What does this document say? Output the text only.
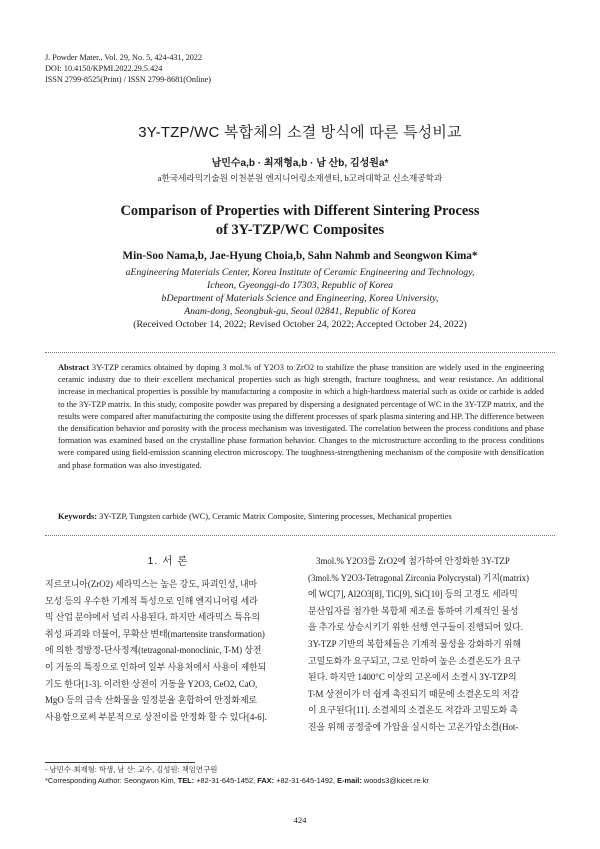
J. Powder Mater., Vol. 29, No. 5, 424-431, 2022
DOI: 10.4150/KPMI.2022.29.5.424
ISSN 2799-8525(Print) / ISSN 2799-8681(Online)
3Y-TZP/WC 복합체의 소결 방식에 따른 특성비교
남민수a,b · 최재형a,b · 남 산b, 김성원a*
a한국세라믹기술원 이천분원 엔지니어링소재센터, b고려대학교 신소재공학과
Comparison of Properties with Different Sintering Process
of 3Y-TZP/WC Composites
Min-Soo Nama,b, Jae-Hyung Choia,b, Sahn Nahmb and Seongwon Kima*
aEngineering Materials Center, Korea Institute of Ceramic Engineering and Technology,
Icheon, Gyeonggi-do 17303, Republic of Korea
bDepartment of Materials Science and Engineering, Korea University,
Anam-dong, Seongbuk-gu, Seoul 02841, Republic of Korea
(Received October 14, 2022; Revised October 24, 2022; Accepted October 24, 2022)
Abstract 3Y-TZP ceramics obtained by doping 3 mol.% of Y2O3 to ZrO2 to stabilize the phase transition are widely used in the engineering ceramic industry due to their excellent mechanical properties such as high strength, fracture toughness, and wear resistance. An additional increase in mechanical properties is possible by manufacturing a composite in which a high-hardness material such as oxide or carbide is added to the 3Y-TZP matrix. In this study, composite powder was prepared by dispersing a designated percentage of WC in the 3Y-TZP matrix, and the results were compared after manufacturing the composite using the different processes of spark plasma sintering and HP. The difference between the densification behavior and porosity with the process mechanism was investigated. The correlation between the process conditions and phase formation was examined based on the crystalline phase formation behavior. Changes to the microstructure according to the process conditions were compared using field-emission scanning electron microscopy. The toughness-strengthening mechanism of the composite with densification and phase formation was also investigated.
Keywords: 3Y-TZP, Tungsten carbide (WC), Ceramic Matrix Composite, Sintering processes, Mechanical properties
1. 서 론
지르코니아(ZrO2) 세라믹스는 높은 강도, 파괴인성, 내마
모성 등의 우수한 기계적 특성으로 인해 엔지니어링 세라
믹 산업 분야에서 널리 사용된다. 하지만 세라믹스 특유의
취성 파괴와 더불어, 무확산 변태(martensite transformation)
에 의한 정방정-단사정계(tetragonal-monoclinic, T-M) 상전
이 거동의 특징으로 인하여 일부 사용처에서 사용이 제한되
기도 한다[1-3]. 이러한 상전이 거동을 Y2O3, CeO2, CaO,
MgO 등의 금속 산화물을 일정분율 혼합하여 안정화제로
사용함으로써 부분적으로 상전이를 안정화 할 수 있다[4-6].
3mol.% Y2O3를 ZrO2에 첨가하여 안정화한 3Y-TZP
(3mol.% Y2O3-Tetragonal Zirconia Polycrystal) 기지(matrix)
에 WC[7], Al2O3[8], TiC[9], SiC[10] 등의 고경도 세라믹
분산입자를 첨가한 복합체 제조를 통하여 기계적인 물성
을 추가로 상승시키기 위한 선행 연구들이 진행되어 있다.
3Y-TZP 기반의 복합체들은 기계적 물성을 강화하기 위해
고밀도화가 요구되고, 그로 인하여 높은 소결온도가 요구
된다. 하지만 1400°C 이상의 고온에서 소결시 3Y-TZP의
T-M 상전이가 더 쉽게 촉진되기 때문에 소결온도의 저감
이 요구된다[11]. 소결체의 소결온도 저감과 고밀도화 촉
진을 위해 공정중에 가압을 실시하는 고온가압소결(Hot-
- 남민수·최재형: 학생, 남 산: 교수, 김성원: 책임연구원
*Corresponding Author: Seongwon Kim, TEL: +82-31-645-1452, FAX: +82-31-645-1492, E-mail: woods3@kicet.re.kr
424
